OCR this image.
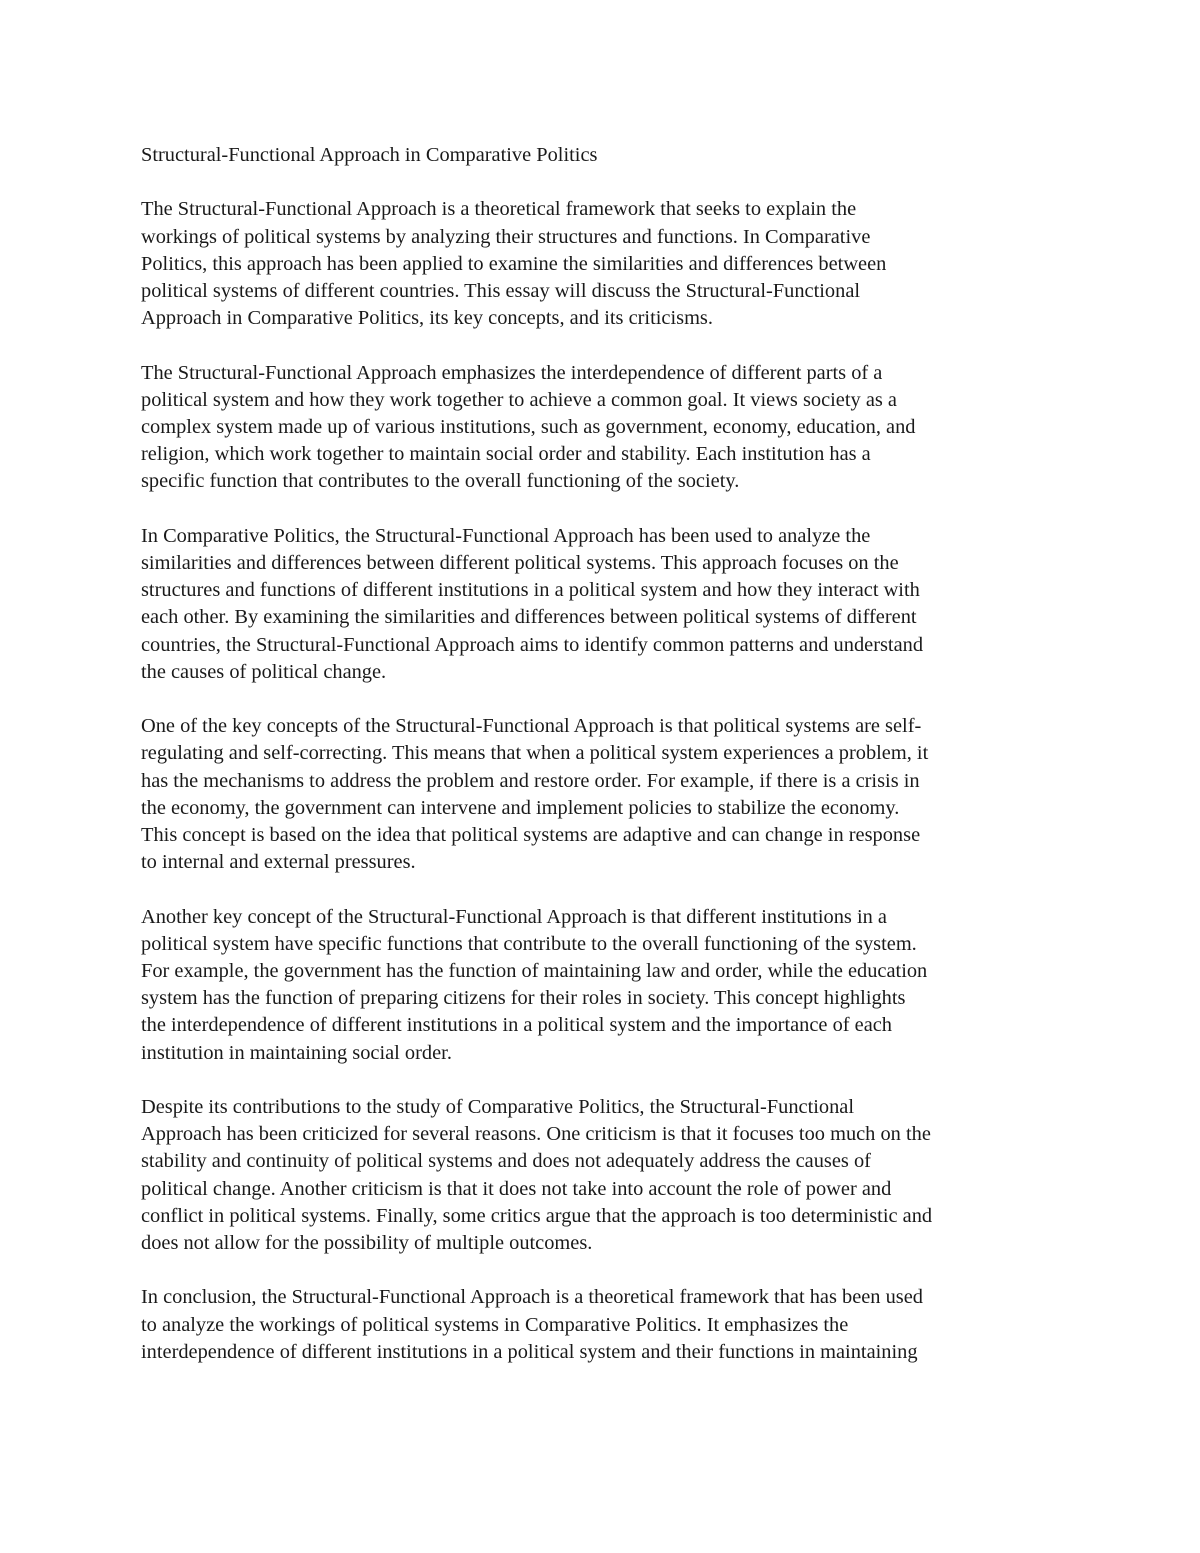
Structural-Functional Approach in Comparative Politics

The Structural-Functional Approach is a theoretical framework that seeks to explain the
workings of political systems by analyzing their structures and functions. In Comparative
Politics, this approach has been applied to examine the similarities and differences between
political systems of different countries. This essay will discuss the Structural-Functional
Approach in Comparative Politics, its key concepts, and its criticisms.

The Structural-Functional Approach emphasizes the interdependence of different parts of a
political system and how they work together to achieve a common goal. It views society as a
complex system made up of various institutions, such as government, economy, education, and
religion, which work together to maintain social order and stability. Each institution has a
specific function that contributes to the overall functioning of the society.

In Comparative Politics, the Structural-Functional Approach has been used to analyze the
similarities and differences between different political systems. This approach focuses on the
structures and functions of different institutions in a political system and how they interact with
each other. By examining the similarities and differences between political systems of different
countries, the Structural-Functional Approach aims to identify common patterns and understand
the causes of political change.

One of the key concepts of the Structural-Functional Approach is that political systems are self-
regulating and self-correcting. This means that when a political system experiences a problem, it
has the mechanisms to address the problem and restore order. For example, if there is a crisis in
the economy, the government can intervene and implement policies to stabilize the economy.
This concept is based on the idea that political systems are adaptive and can change in response
to internal and external pressures.

Another key concept of the Structural-Functional Approach is that different institutions in a
political system have specific functions that contribute to the overall functioning of the system.
For example, the government has the function of maintaining law and order, while the education
system has the function of preparing citizens for their roles in society. This concept highlights
the interdependence of different institutions in a political system and the importance of each
institution in maintaining social order.

Despite its contributions to the study of Comparative Politics, the Structural-Functional
Approach has been criticized for several reasons. One criticism is that it focuses too much on the
stability and continuity of political systems and does not adequately address the causes of
political change. Another criticism is that it does not take into account the role of power and
conflict in political systems. Finally, some critics argue that the approach is too deterministic and
does not allow for the possibility of multiple outcomes.

In conclusion, the Structural-Functional Approach is a theoretical framework that has been used
to analyze the workings of political systems in Comparative Politics. It emphasizes the
interdependence of different institutions in a political system and their functions in maintaining
